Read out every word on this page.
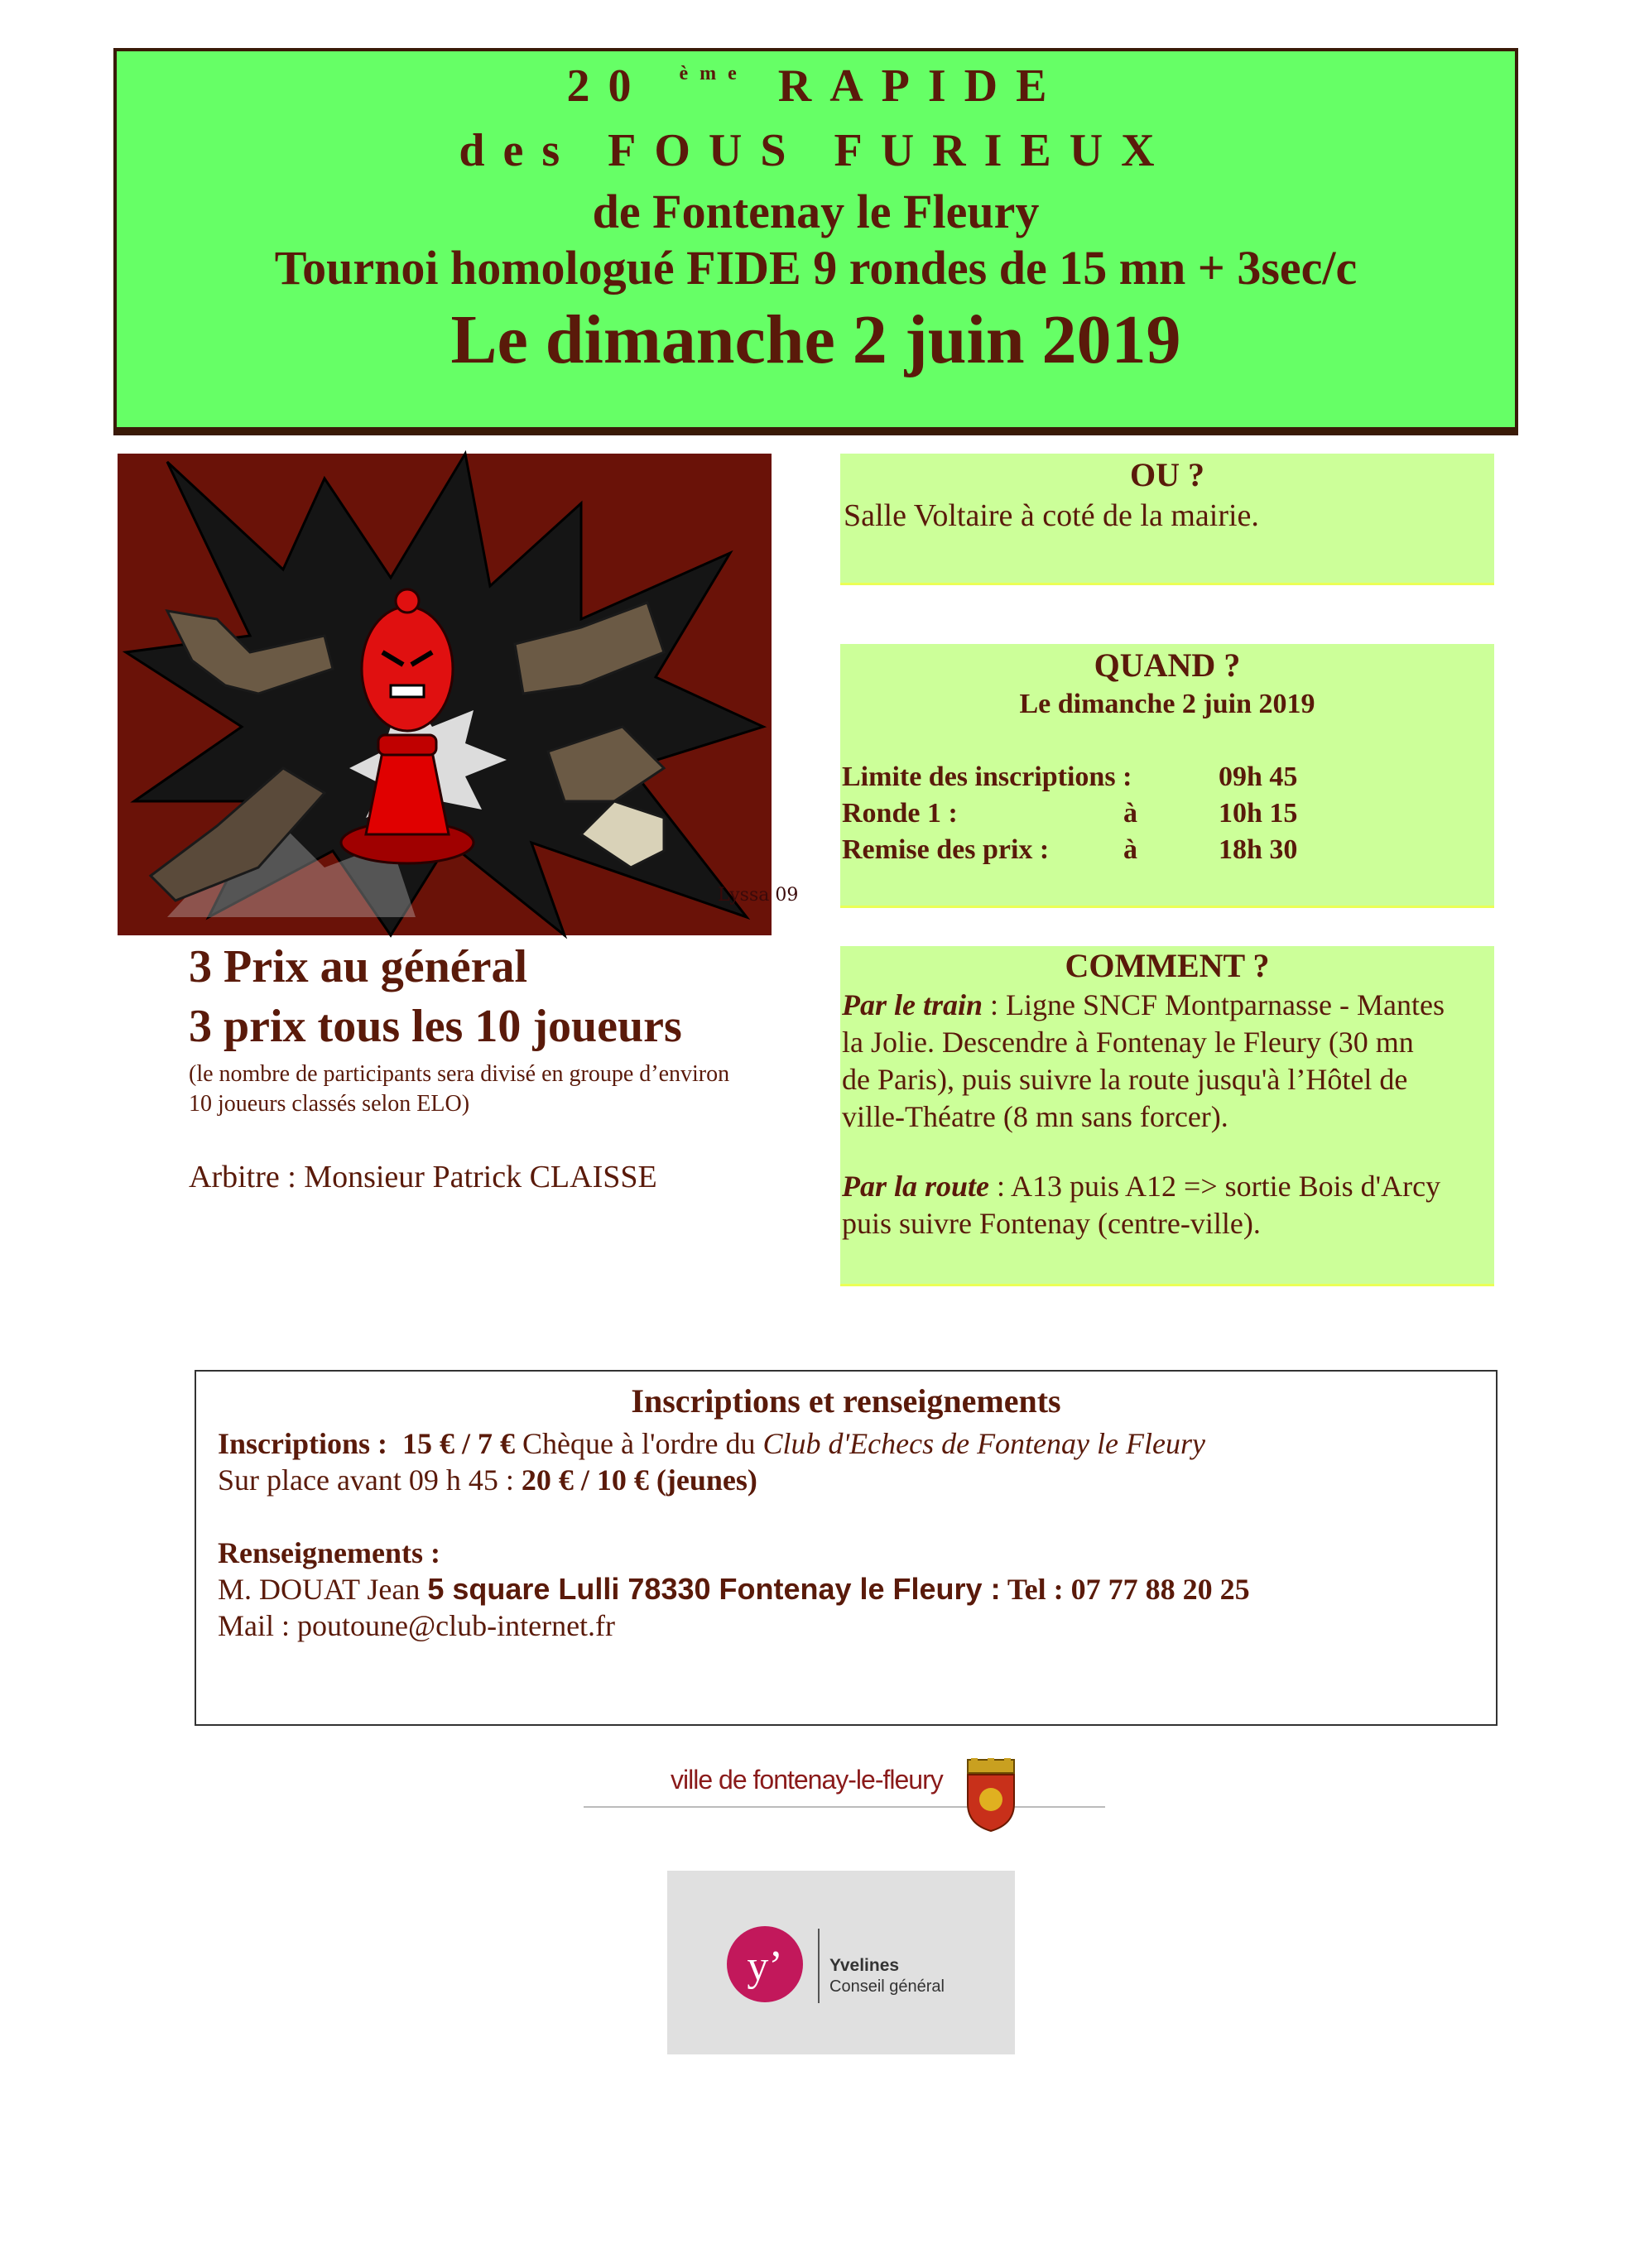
20 $^{ème}$ RAPIDE
des FOUS FURIEUX
de Fontenay le Fleury
Tournoi homologué FIDE 9 rondes de 15 mn + 3sec/c
Le dimanche 2 juin 2019
Lyssa 09
OU ?
Salle Voltaire à coté de la mairie.
QUAND ?
Le dimanche 2 juin 2019
Limite des inscriptions :	09h 45
Ronde 1 :	à	10h 15
Remise des prix :	à	18h 30
COMMENT ?
Par le train : Ligne SNCF Montparnasse - Mantes
la Jolie. Descendre à Fontenay le Fleury (30 mn
de Paris), puis suivre la route jusqu'à l’Hôtel de
ville-Théatre (8 mn sans forcer).
Par la route : A13 puis A12 => sortie Bois d'Arcy
puis suivre Fontenay (centre-ville).
3 Prix au général
3 prix tous les 10 joueurs
(le nombre de participants sera divisé en groupe d’environ
10 joueurs classés selon ELO)
Arbitre : Monsieur Patrick CLAISSE
Inscriptions et renseignements
Inscriptions : 15 € / 7 € Chèque à l'ordre du Club d'Echecs de Fontenay le Fleury
Sur place avant 09 h 45 : 20 € / 10 € (jeunes)
Renseignements :
M. DOUAT Jean 5 square Lulli 78330 Fontenay le Fleury : Tel : 07 77 88 20 25
Mail : poutoune@club-internet.fr
ville de fontenay-le-fleury
y’	Yvelines
Conseil général
